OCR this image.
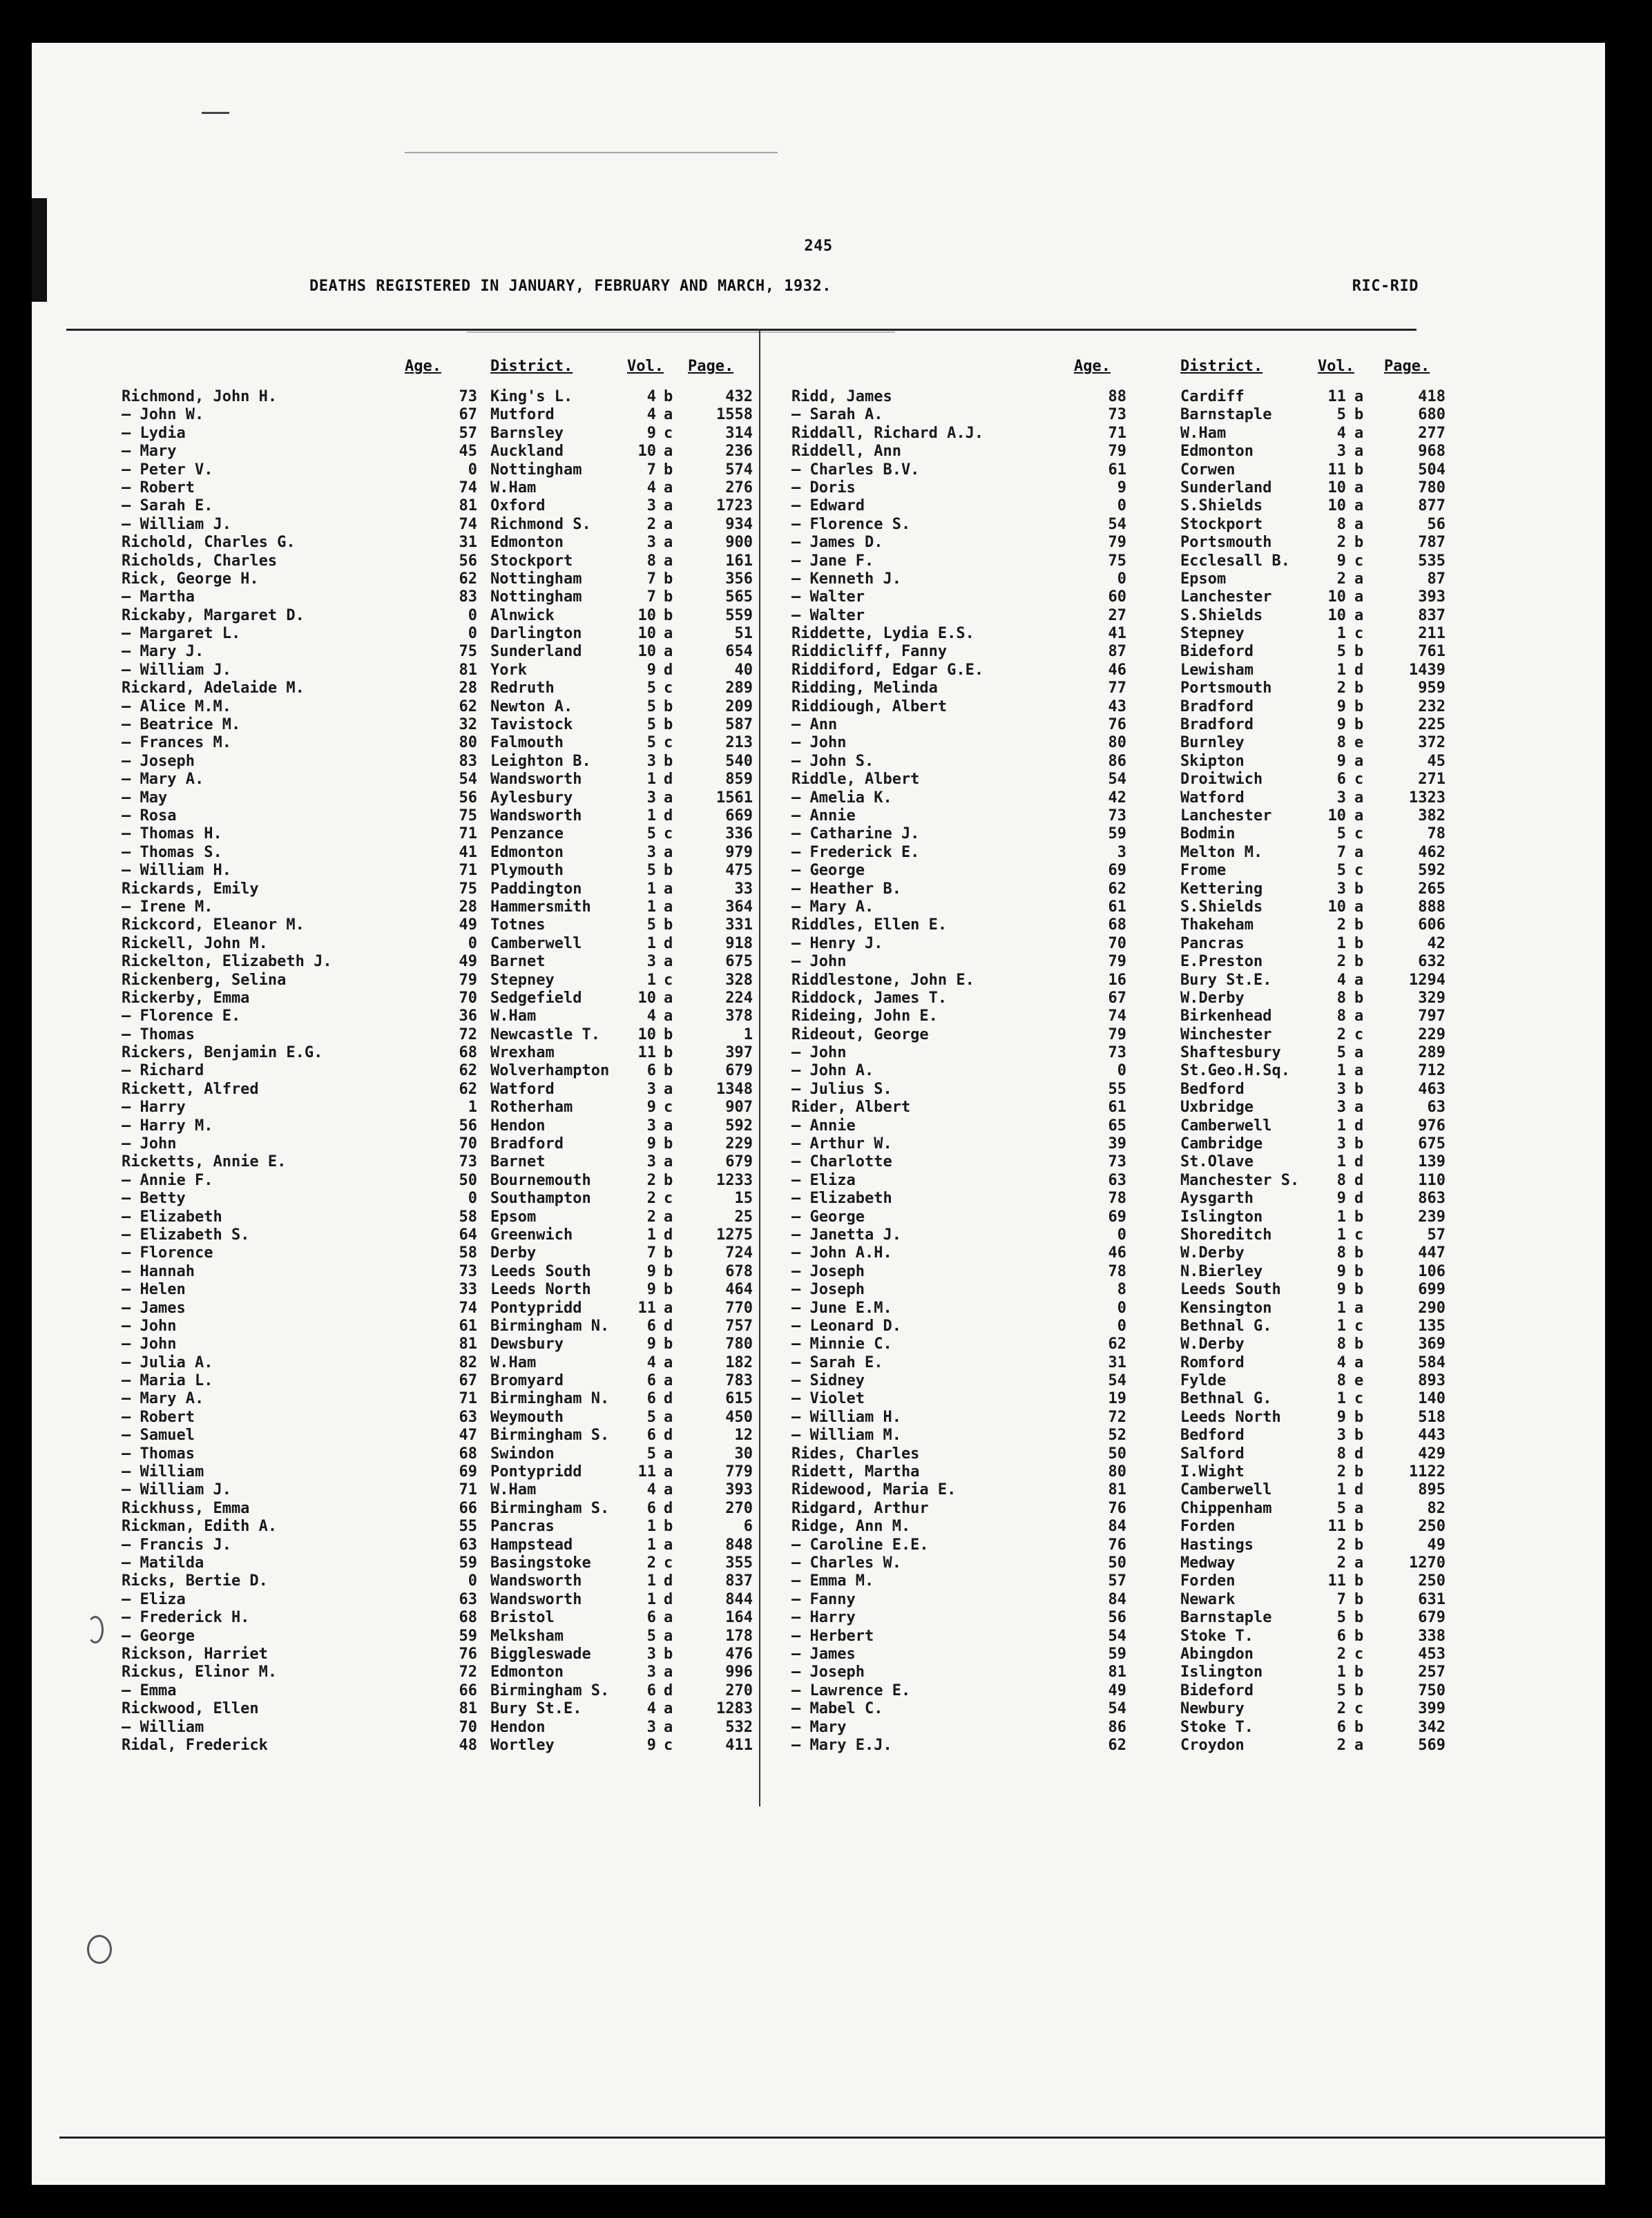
245
DEATHS REGISTERED IN JANUARY, FEBRUARY AND MARCH, 1932.	RIC-RID
Age.	District.	Vol. Page.
Richmond, John H.	73 King's L.	4 b	432
— John W.	67 Mutford	4 a	1558
— Lydia	57 Barnsley	9 c	314
— Mary	45 Auckland	10 a	236
— Peter V.	0 Nottingham	7 b	574
— Robert	74 W.Ham	4 a	276
— Sarah E.	81 Oxford	3 a	1723
— William J.	74 Richmond S.	2 a	934
Richold, Charles G.	31 Edmonton	3 a	900
Richolds, Charles	56 Stockport	8 a	161
Rick, George H.	62 Nottingham	7 b	356
— Martha	83 Nottingham	7 b	565
Rickaby, Margaret D.	0 Alnwick	10 b	559
— Margaret L.	0 Darlington	10 a	51
— Mary J.	75 Sunderland	10 a	654
— William J.	81 York	9 d	40
Rickard, Adelaide M.	28 Redruth	5 c	289
— Alice M.M.	62 Newton A.	5 b	209
— Beatrice M.	32 Tavistock	5 b	587
— Frances M.	80 Falmouth	5 c	213
— Joseph	83 Leighton B.	3 b	540
— Mary A.	54 Wandsworth	1 d	859
— May	56 Aylesbury	3 a	1561
— Rosa	75 Wandsworth	1 d	669
— Thomas H.	71 Penzance	5 c	336
— Thomas S.	41 Edmonton	3 a	979
— William H.	71 Plymouth	5 b	475
Rickards, Emily	75 Paddington	1 a	33
— Irene M.	28 Hammersmith	1 a	364
Rickcord, Eleanor M.	49 Totnes	5 b	331
Rickell, John M.	0 Camberwell	1 d	918
Rickelton, Elizabeth J.	49 Barnet	3 a	675
Rickenberg, Selina	79 Stepney	1 c	328
Rickerby, Emma	70 Sedgefield	10 a	224
— Florence E.	36 W.Ham	4 a	378
— Thomas	72 Newcastle T.	10 b	1
Rickers, Benjamin E.G.	68 Wrexham	11 b	397
— Richard	62 Wolverhampton	6 b	679
Rickett, Alfred	62 Watford	3 a	1348
— Harry	1 Rotherham	9 c	907
— Harry M.	56 Hendon	3 a	592
— John	70 Bradford	9 b	229
Ricketts, Annie E.	73 Barnet	3 a	679
— Annie F.	50 Bournemouth	2 b	1233
— Betty	0 Southampton	2 c	15
— Elizabeth	58 Epsom	2 a	25
— Elizabeth S.	64 Greenwich	1 d	1275
— Florence	58 Derby	7 b	724
— Hannah	73 Leeds South	9 b	678
— Helen	33 Leeds North	9 b	464
— James	74 Pontypridd	11 a	770
— John	61 Birmingham N.	6 d	757
— John	81 Dewsbury	9 b	780
— Julia A.	82 W.Ham	4 a	182
— Maria L.	67 Bromyard	6 a	783
— Mary A.	71 Birmingham N.	6 d	615
— Robert	63 Weymouth	5 a	450
— Samuel	47 Birmingham S.	6 d	12
— Thomas	68 Swindon	5 a	30
— William	69 Pontypridd	11 a	779
— William J.	71 W.Ham	4 a	393
Rickhuss, Emma	66 Birmingham S.	6 d	270
Rickman, Edith A.	55 Pancras	1 b	6
— Francis J.	63 Hampstead	1 a	848
— Matilda	59 Basingstoke	2 c	355
Ricks, Bertie D.	0 Wandsworth	1 d	837
— Eliza	63 Wandsworth	1 d	844
— Frederick H.	68 Bristol	6 a	164
— George	59 Melksham	5 a	178
Rickson, Harriet	76 Biggleswade	3 b	476
Rickus, Elinor M.	72 Edmonton	3 a	996
— Emma	66 Birmingham S.	6 d	270
Rickwood, Ellen	81 Bury St.E.	4 a	1283
— William	70 Hendon	3 a	532
Ridal, Frederick	48 Wortley	9 c	411
Age.	District.	Vol. Page.
Ridd, James	88	Cardiff	11 a	418
— Sarah A.	73	Barnstaple	5 b	680
Riddall, Richard A.J.	71	W.Ham	4 a	277
Riddell, Ann	79	Edmonton	3 a	968
— Charles B.V.	61	Corwen	11 b	504
— Doris	9	Sunderland	10 a	780
— Edward	0	S.Shields	10 a	877
— Florence S.	54	Stockport	8 a	56
— James D.	79	Portsmouth	2 b	787
— Jane F.	75	Ecclesall B.	9 c	535
— Kenneth J.	0	Epsom	2 a	87
— Walter	60	Lanchester	10 a	393
— Walter	27	S.Shields	10 a	837
Riddette, Lydia E.S.	41	Stepney	1 c	211
Riddicliff, Fanny	87	Bideford	5 b	761
Riddiford, Edgar G.E.	46	Lewisham	1 d	1439
Ridding, Melinda	77	Portsmouth	2 b	959
Riddiough, Albert	43	Bradford	9 b	232
— Ann	76	Bradford	9 b	225
— John	80	Burnley	8 e	372
— John S.	86	Skipton	9 a	45
Riddle, Albert	54	Droitwich	6 c	271
— Amelia K.	42	Watford	3 a	1323
— Annie	73	Lanchester	10 a	382
— Catharine J.	59	Bodmin	5 c	78
— Frederick E.	3	Melton M.	7 a	462
— George	69	Frome	5 c	592
— Heather B.	62	Kettering	3 b	265
— Mary A.	61	S.Shields	10 a	888
Riddles, Ellen E.	68	Thakeham	2 b	606
— Henry J.	70	Pancras	1 b	42
— John	79	E.Preston	2 b	632
Riddlestone, John E.	16	Bury St.E.	4 a	1294
Riddock, James T.	67	W.Derby	8 b	329
Rideing, John E.	74	Birkenhead	8 a	797
Rideout, George	79	Winchester	2 c	229
— John	73	Shaftesbury	5 a	289
— John A.	0	St.Geo.H.Sq.	1 a	712
— Julius S.	55	Bedford	3 b	463
Rider, Albert	61	Uxbridge	3 a	63
— Annie	65	Camberwell	1 d	976
— Arthur W.	39	Cambridge	3 b	675
— Charlotte	73	St.Olave	1 d	139
— Eliza	63	Manchester S.	8 d	110
— Elizabeth	78	Aysgarth	9 d	863
— George	69	Islington	1 b	239
— Janetta J.	0	Shoreditch	1 c	57
— John A.H.	46	W.Derby	8 b	447
— Joseph	78	N.Bierley	9 b	106
— Joseph	8	Leeds South	9 b	699
— June E.M.	0	Kensington	1 a	290
— Leonard D.	0	Bethnal G.	1 c	135
— Minnie C.	62	W.Derby	8 b	369
— Sarah E.	31	Romford	4 a	584
— Sidney	54	Fylde	8 e	893
— Violet	19	Bethnal G.	1 c	140
— William H.	72	Leeds North	9 b	518
— William M.	52	Bedford	3 b	443
Rides, Charles	50	Salford	8 d	429
Ridett, Martha	80	I.Wight	2 b	1122
Ridewood, Maria E.	81	Camberwell	1 d	895
Ridgard, Arthur	76	Chippenham	5 a	82
Ridge, Ann M.	84	Forden	11 b	250
— Caroline E.E.	76	Hastings	2 b	49
— Charles W.	50	Medway	2 a	1270
— Emma M.	57	Forden	11 b	250
— Fanny	84	Newark	7 b	631
— Harry	56	Barnstaple	5 b	679
— Herbert	54	Stoke T.	6 b	338
— James	59	Abingdon	2 c	453
— Joseph	81	Islington	1 b	257
— Lawrence E.	49	Bideford	5 b	750
— Mabel C.	54	Newbury	2 c	399
— Mary	86	Stoke T.	6 b	342
— Mary E.J.	62	Croydon	2 a	569
